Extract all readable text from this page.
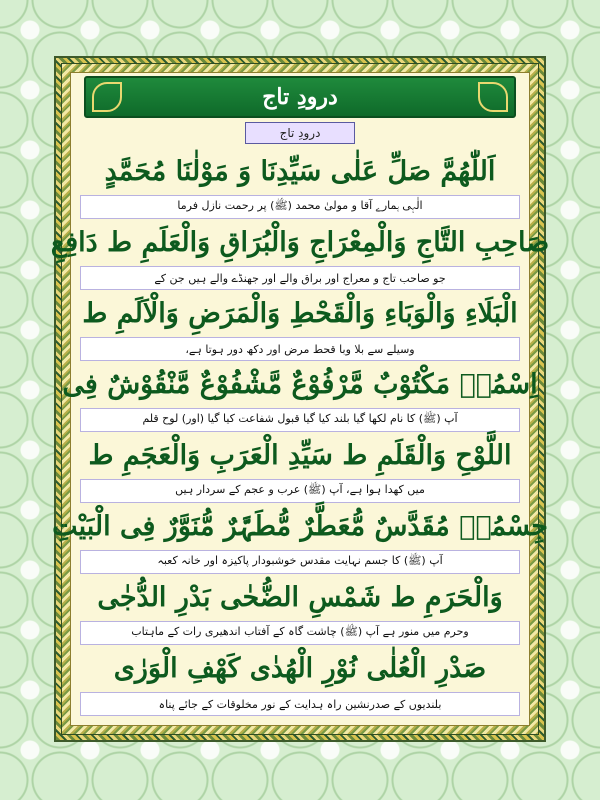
درودِ تاج
درودِ تاج
اَللّٰھُمَّ صَلِّ عَلٰی سَیِّدِنَا وَ مَوْلٰنَا مُحَمَّدٍ
الٰہی ہمارے آقا و مولیٰ محمد (ﷺ) پر رحمت نازل فرما
صَاحِبِ التَّاجِ وَالْمِعْرَاجِ وَالْبُرَاقِ وَالْعَلَمِ ط دَافِعِ
جو صاحب تاج و معراج اور براق والے اور جھنڈے والے ہیں جن کے
الْبَلَاءِ وَالْوَبَاءِ وَالْقَحْطِ وَالْمَرَضِ وَالْاَلَمِ ط
وسیلے سے بلا وبا قحط مرض اور دکھ دور ہوتا ہے،
اِسْمُہٗ مَکْتُوْبٌ مَّرْفُوْعٌ مَّشْفُوْعٌ مَّنْقُوْشٌ فِی
آپ (ﷺ) کا نام لکھا گیا بلند کیا گیا قبول شفاعت کیا گیا (اور) لوح قلم
اللَّوْحِ وَالْقَلَمِ ط سَیِّدِ الْعَرَبِ وَالْعَجَمِ ط
میں کھدا ہوا ہے، آپ (ﷺ) عرب و عجم کے سردار ہیں
جِسْمُہٗ مُقَدَّسٌ مُّعَطَّرٌ مُّطَہَّرٌ مُّنَوَّرٌ فِی الْبَیْتِ
آپ (ﷺ) کا جسم نہایت مقدس خوشبودار پاکیزہ اور خانہ کعبہ
وَالْحَرَمِ ط شَمْسِ الضُّحٰی بَدْرِ الدُّجٰی
وحرم میں منور ہے آپ (ﷺ) چاشت گاہ کے آفتاب اندھیری رات کے ماہتاب
صَدْرِ الْعُلٰی نُوْرِ الْھُدٰی کَھْفِ الْوَرٰی
بلندیوں کے صدرنشین راہ ہدایت کے نور مخلوقات کے جائے پناہ
